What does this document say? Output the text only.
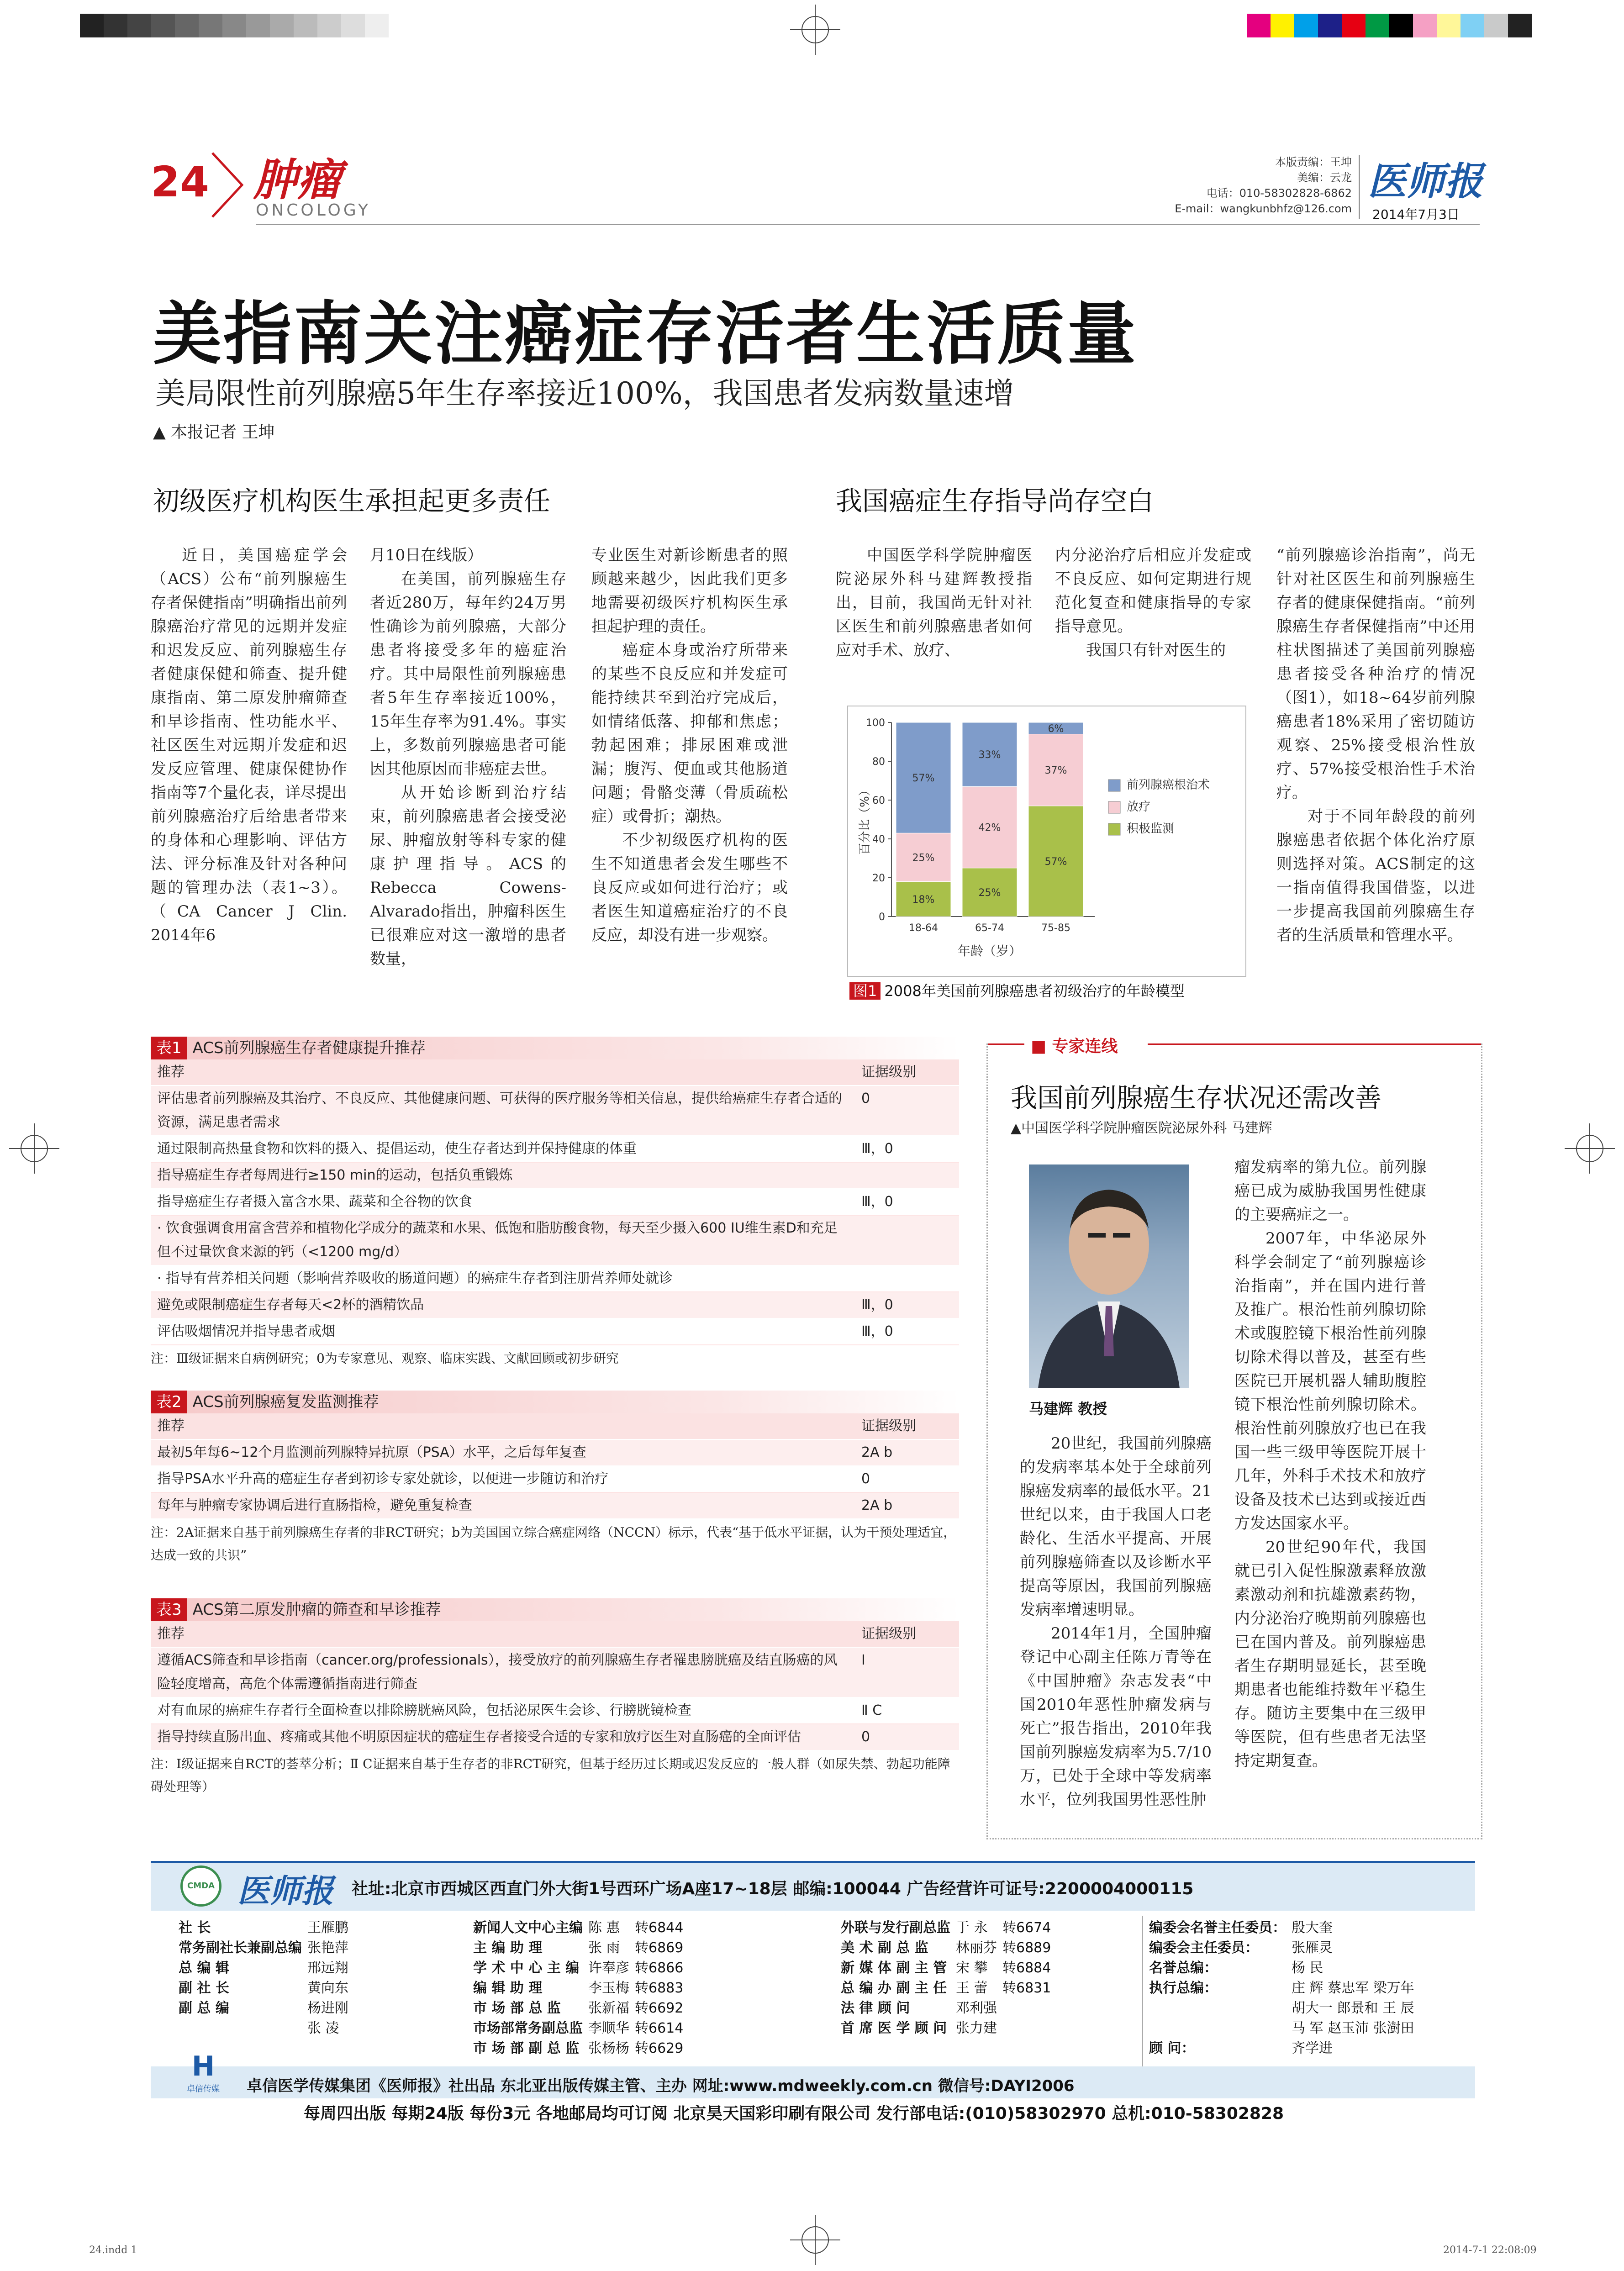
24 肿瘤
ONCOLOGY
本版责编：王坤
美编：云龙
电话：010-58302828-6862
E-mail：wangkunbhfz@126.com
医师报
2014年7月3日
美指南关注癌症存活者生活质量
美局限性前列腺癌5年生存率接近100%，我国患者发病数量速增
▲ 本报记者 王坤
初级医疗机构医生承担起更多责任	我国癌症生存指导尚存空白

近日，美国癌症学会（ACS）公布“前列腺癌生存者保健指南”明确指出前列腺癌治疗常见的远期并发症和迟发反应、前列腺癌生存者健康保健和筛查、提升健康指南、第二原发肿瘤筛查和早诊指南、性功能水平、社区医生对远期并发症和迟发反应管理、健康保健协作指南等7个量化表，详尽提出前列腺癌治疗后给患者带来的身体和心理影响、评估方法、评分标准及针对各种问题的管理办法（表1~3）。（CA Cancer J Clin. 2014年6

月10日在线版）

在美国，前列腺癌生存者近280万，每年约24万男性确诊为前列腺癌，大部分患者将接受多年的癌症治疗。其中局限性前列腺癌患者5年生存率接近100%，15年生存率为91.4%。事实上，多数前列腺癌患者可能因其他原因而非癌症去世。

从开始诊断到治疗结束，前列腺癌患者会接受泌尿、肿瘤放射等科专家的健康护理指导。ACS的Rebecca Cowens-Alvarado指出，肿瘤科医生已很难应对这一激增的患者数量，

专业医生对新诊断患者的照顾越来越少，因此我们更多地需要初级医疗机构医生承担起护理的责任。

癌症本身或治疗所带来的某些不良反应和并发症可能持续甚至到治疗完成后，如情绪低落、抑郁和焦虑；勃起困难；排尿困难或泄漏；腹泻、便血或其他肠道问题；骨骼变薄（骨质疏松症）或骨折；潮热。

不少初级医疗机构的医生不知道患者会发生哪些不良反应或如何进行治疗；或者医生知道癌症治疗的不良反应，却没有进一步观察。

中国医学科学院肿瘤医院泌尿外科马建辉教授指出，目前，我国尚无针对社区医生和前列腺癌患者如何应对手术、放疗、

内分泌治疗后相应并发症或不良反应、如何定期进行规范化复查和健康指导的专家指导意见。

我国只有针对医生的

“前列腺癌诊治指南”，尚无针对社区医生和前列腺癌生存者的健康保健指南。“前列腺癌生存者保健指南”中还用柱状图描述了美国前列腺癌患者接受各种治疗的情况（图1），如18~64岁前列腺癌患者18%采用了密切随访观察、25%接受根治性放疗、57%接受根治性手术治疗。

对于不同年龄段的前列腺癌患者依据个体化治疗原则选择对策。ACS制定的这一指南值得我国借鉴，以进一步提高我国前列腺癌生存者的生活质量和管理水平。

0
20
40
60
80
100
18%
25%
57%
18-64
25%
42%
33%
65-74
57%
37%
6%
75-85
百分比（%）
年龄（岁）
前列腺癌根治术
放疗
积极监测
图1 2008年美国前列腺癌患者初级治疗的年龄模型
表1 ACS前列腺癌生存者健康提升推荐
推荐	证据级别
评估患者前列腺癌及其治疗、不良反应、其他健康问题、可获得的医疗服务等相关信息，提供给癌症生存者合适的资源，满足患者需求	0
通过限制高热量食物和饮料的摄入、提倡运动，使生存者达到并保持健康的体重	Ⅲ，0
指导癌症生存者每周进行≥150 min的运动，包括负重锻炼	
指导癌症生存者摄入富含水果、蔬菜和全谷物的饮食	Ⅲ，0
· 饮食强调食用富含营养和植物化学成分的蔬菜和水果、低饱和脂肪酸食物，每天至少摄入600 IU维生素D和充足但不过量饮食来源的钙（<1200 mg/d）	
· 指导有营养相关问题（影响营养吸收的肠道问题）的癌症生存者到注册营养师处就诊	
避免或限制癌症生存者每天<2杯的酒精饮品	Ⅲ，0
评估吸烟情况并指导患者戒烟	Ⅲ，0
注：Ⅲ级证据来自病例研究；0为专家意见、观察、临床实践、文献回顾或初步研究
表2 ACS前列腺癌复发监测推荐
推荐	证据级别
最初5年每6~12个月监测前列腺特异抗原（PSA）水平，之后每年复查	2A b
指导PSA水平升高的癌症生存者到初诊专家处就诊，以便进一步随访和治疗	0
每年与肿瘤专家协调后进行直肠指检，避免重复检查	2A b
注：2A证据来自基于前列腺癌生存者的非RCT研究；b为美国国立综合癌症网络（NCCN）标示，代表“基于低水平证据，认为干预处理适宜，达成一致的共识”
表3 ACS第二原发肿瘤的筛查和早诊推荐
推荐	证据级别
遵循ACS筛查和早诊指南（cancer.org/professionals），接受放疗的前列腺癌生存者罹患膀胱癌及结直肠癌的风险轻度增高，高危个体需遵循指南进行筛查	Ⅰ
对有血尿的癌症生存者行全面检查以排除膀胱癌风险，包括泌尿医生会诊、行膀胱镜检查	Ⅱ C
指导持续直肠出血、疼痛或其他不明原因症状的癌症生存者接受合适的专家和放疗医生对直肠癌的全面评估	0
注：Ⅰ级证据来自RCT的荟萃分析；Ⅱ C证据来自基于生存者的非RCT研究，但基于经历过长期或迟发反应的一般人群（如尿失禁、勃起功能障碍处理等）
■ 专家连线
我国前列腺癌生存状况还需改善
▲中国医学科学院肿瘤医院泌尿外科 马建辉
马建辉 教授

20世纪，我国前列腺癌的发病率基本处于全球前列腺癌发病率的最低水平。21世纪以来，由于我国人口老龄化、生活水平提高、开展前列腺癌筛查以及诊断水平提高等原因，我国前列腺癌发病率增速明显。

2014年1月，全国肿瘤登记中心副主任陈万青等在《中国肿瘤》杂志发表“中国2010年恶性肿瘤发病与死亡”报告指出，2010年我国前列腺癌发病率为5.7/10万，已处于全球中等发病率水平，位列我国男性恶性肿

瘤发病率的第九位。前列腺癌已成为威胁我国男性健康的主要癌症之一。

2007年，中华泌尿外科学会制定了“前列腺癌诊治指南”，并在国内进行普及推广。根治性前列腺切除术或腹腔镜下根治性前列腺切除术得以普及，甚至有些医院已开展机器人辅助腹腔镜下根治性前列腺切除术。根治性前列腺放疗也已在我国一些三级甲等医院开展十几年，外科手术技术和放疗设备及技术已达到或接近西方发达国家水平。

20世纪90年代，我国就已引入促性腺激素释放激素激动剂和抗雄激素药物，内分泌治疗晚期前列腺癌也已在国内普及。前列腺癌患者生存期明显延长，甚至晚期患者也能维持数年平稳生存。随访主要集中在三级甲等医院，但有些患者无法坚持定期复查。

CMDA 医师报 社址:北京市西城区西直门外大街1号西环广场A座17~18层 邮编:100044 广告经营许可证号:2200004000115
社 长	王雁鹏
常务副社长兼副总编	张艳萍
总 编 辑	邢远翔
副 社 长	黄向东
副 总 编	杨进刚
	张 凌
新闻人文中心主编	陈 惠	转6844
主 编 助 理	张 雨	转6869
学 术 中 心 主 编	许奉彦	转6866
编 辑 助 理	李玉梅	转6883
市 场 部 总 监	张新福	转6692
市场部常务副总监	李顺华	转6614
市 场 部 副 总 监	张杨杨	转6629
外联与发行副总监	于 永	转6674
美 术 副 总 监	林丽芬	转6889
新 媒 体 副 主 管	宋 攀	转6884
总 编 办 副 主 任	王 蕾	转6831
法 律 顾 问	邓利强	
首 席 医 学 顾 问	张力建	
编委会名誉主任委员：	殷大奎
编委会主任委员：	张雁灵
名誉总编：	杨 民
执行总编：	庄 辉 蔡忠军 梁万年
	胡大一 郎景和 王 辰
	马 军 赵玉沛 张澍田
顾 问：	齐学进
H
卓信传媒	卓信医学传媒集团《医师报》社出品 东北亚出版传媒主管、主办 网址:www.mdweekly.com.cn 微信号:DAYI2006
每周四出版 每期24版 每份3元 各地邮局均可订阅 北京昊天国彩印刷有限公司 发行部电话:(010)58302970 总机:010-58302828
24.indd 1	2014-7-1 22:08:09
